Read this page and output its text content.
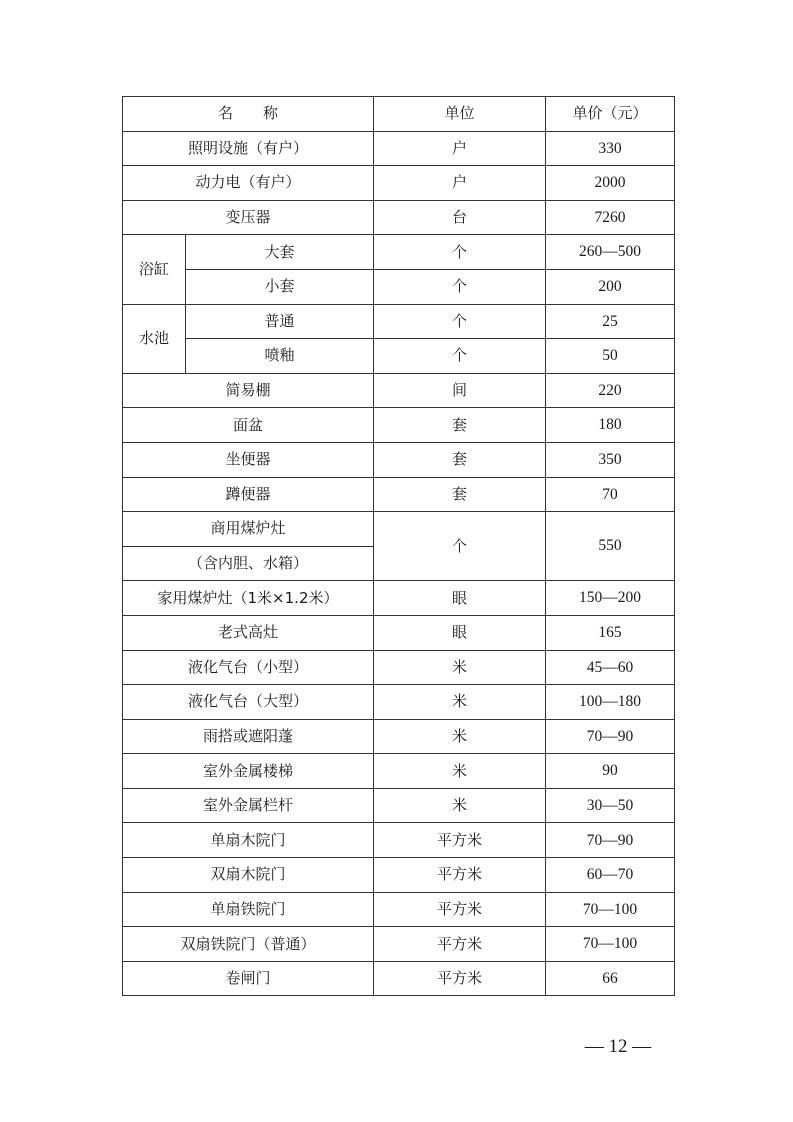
名　　称		单位	单价（元）
照明设施（有户）		户	330
动力电（有户）		户	2000
变压器		台	7260
浴缸	大套	个	260—500
	小套	个	200
水池	普通	个	25
	喷釉	个	50
简易棚		间	220
面盆		套	180
坐便器		套	350
蹲便器		套	70
商用煤炉灶		个	550
（含内胆、水箱）			
家用煤炉灶（1米×1.2米）		眼	150—200
老式高灶		眼	165
液化气台（小型）		米	45—60
液化气台（大型）		米	100—180
雨搭或遮阳蓬		米	70—90
室外金属楼梯		米	90
室外金属栏杆		米	30—50
单扇木院门		平方米	70—90
双扇木院门		平方米	60—70
单扇铁院门		平方米	70—100
双扇铁院门（普通）		平方米	70—100
卷闸门		平方米	66
— 12 —
